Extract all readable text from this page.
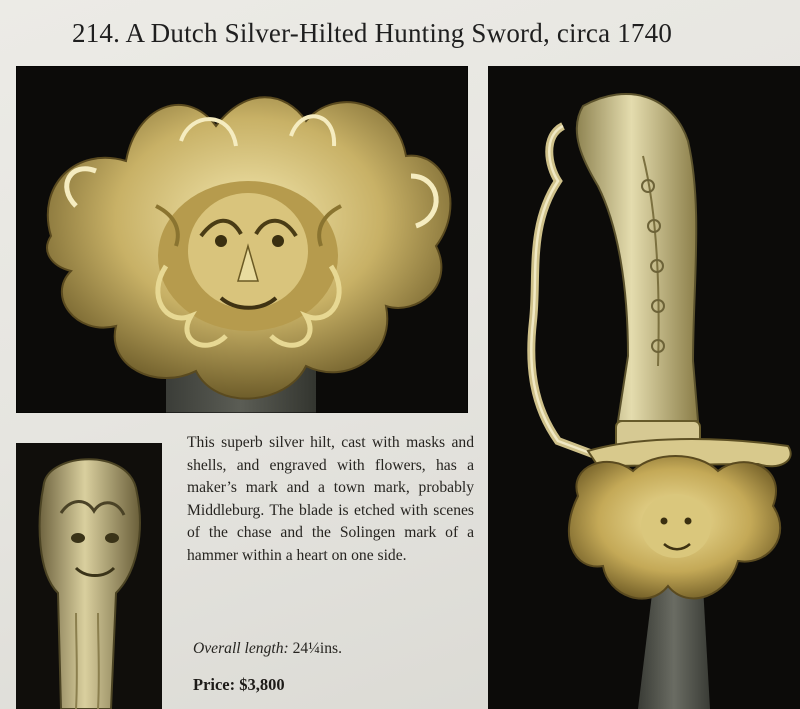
214. A Dutch Silver-Hilted Hunting Sword, circa 1740
This superb silver hilt, cast with masks and shells, and engraved with flowers, has a maker’s mark and a town mark, probably Middleburg. The blade is etched with scenes of the chase and the Solingen mark of a hammer within a heart on one side.
Overall length: 24¼ins.
Price: $3,800
